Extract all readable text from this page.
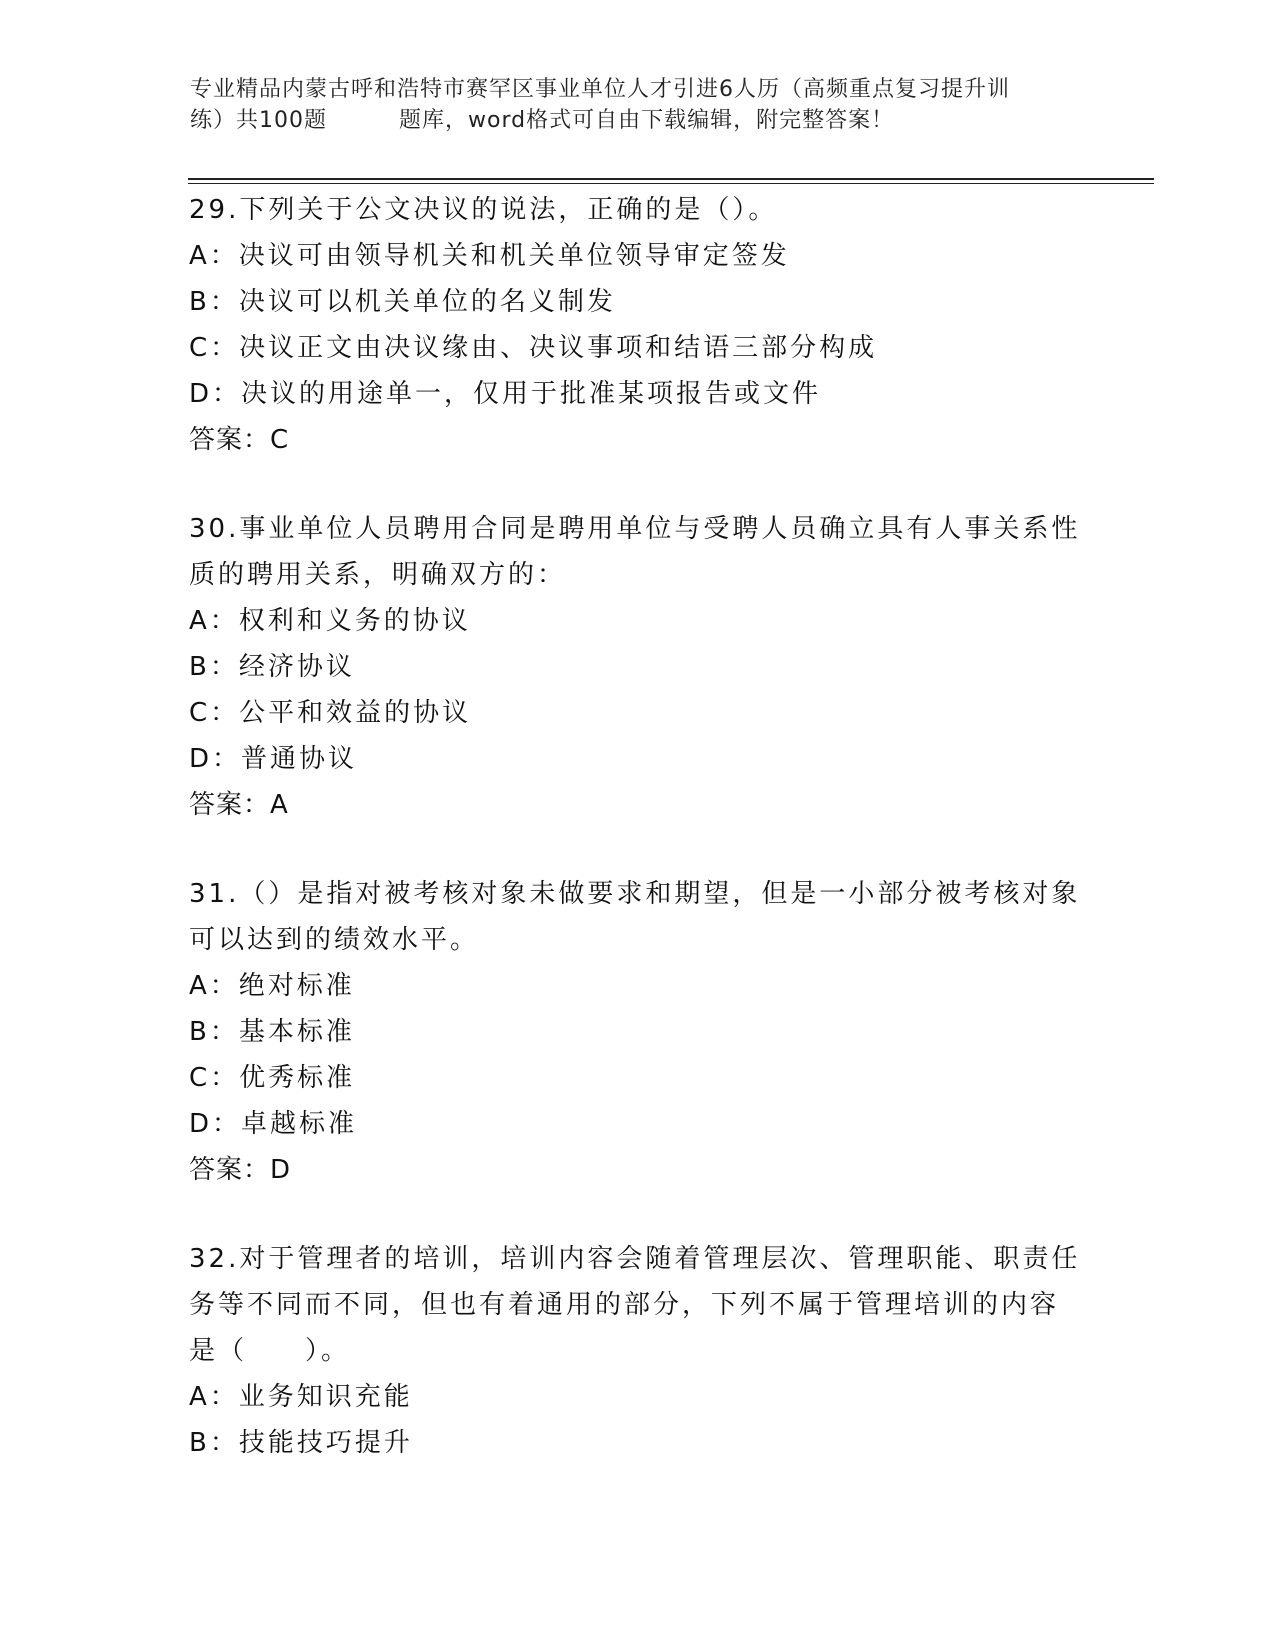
专业精品内蒙古呼和浩特市赛罕区事业单位人才引进6人历（高频重点复习提升训
练）共100题	题库，word格式可自由下载编辑，附完整答案！
29.下列关于公文决议的说法，正确的是（）。
A：决议可由领导机关和机关单位领导审定签发
B：决议可以机关单位的名义制发
C：决议正文由决议缘由、决议事项和结语三部分构成
D：决议的用途单一，仅用于批准某项报告或文件
答案：C
30.事业单位人员聘用合同是聘用单位与受聘人员确立具有人事关系性
质的聘用关系，明确双方的：
A：权利和义务的协议
B：经济协议
C：公平和效益的协议
D：普通协议
答案：A
31.（）是指对被考核对象未做要求和期望，但是一小部分被考核对象
可以达到的绩效水平。
A：绝对标准
B：基本标准
C：优秀标准
D：卓越标准
答案：D
32.对于管理者的培训，培训内容会随着管理层次、管理职能、职责任
务等不同而不同，但也有着通用的部分，下列不属于管理培训的内容
是（　　）。
A：业务知识充能
B：技能技巧提升
